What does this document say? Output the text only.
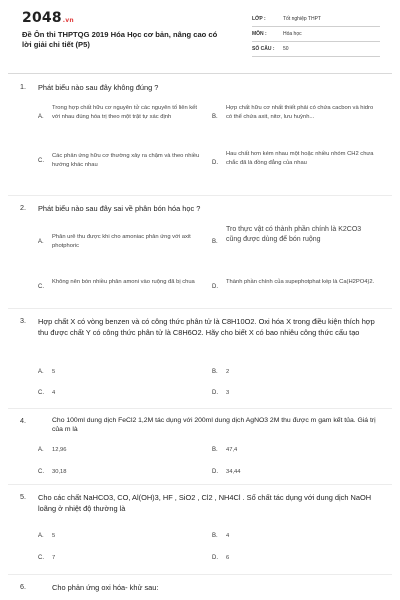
2048.vn
Đề Ôn thi THPTQG 2019 Hóa Học cơ bản, nâng cao có lời giải chi tiết (P5)
LỚP :	Tốt nghiệp THPT
MÔN :	Hóa học
SỐ CÂU : 50
1. Phát biểu nào sau đây không đúng ?
A.
Trong hợp chất hữu cơ nguyên tử các nguyên tố liên kết với nhau đúng hóa trị theo một trật tự xác định	B.
Hợp chất hữu cơ nhất thiết phải có chứa cacbon và hidro có thể chứa axit, nitơ, lưu huỳnh...
C.
Các phản ứng hữu cơ thường xảy ra chậm và theo nhiều hướng khác nhau	D.
Hau chất hơn kém nhau một hoặc nhiều nhóm CH2 chưa chắc đã là đồng đẳng của nhau
2. Phát biểu nào sau đây sai về phân bón hóa học ?
A.
Phân urê thu được khi cho amoniac phản ứng với axit photphoric
B.
Tro thực vật có thành phần chính là K2CO3 cũng được dùng để bón ruộng
C.
Không nên bón nhiều phân amoni vào ruộng đã bị chua
D.
Thành phần chính của supephotphat kép là Ca(H2PO4)2.
3. Hợp chất X có vòng benzen và có công thức phân tử là C8H10O2. Oxi hóa X trong điều kiện thích hợp thu được chất Y có công thức phân tử là C8H6O2. Hãy cho biết X có bao nhiêu công thức cấu tạo
A. 5	B. 2
C. 4	D. 3
4.	Cho 100ml dung dịch FeCl2 1,2M tác dụng với 200ml dung dịch AgNO3 2M thu được m gam kết tủa. Giá trị của m là
A. 12,96	B. 47,4
C. 30,18	D. 34,44
5. Cho các chất NaHCO3, CO, Al(OH)3, HF , SiO2 , Cl2 , NH4Cl . Số chất tác dụng với dung dịch NaOH loãng ở nhiệt độ thường là
A. 5	B. 4
C. 7	D. 6
6.	Cho phản ứng oxi hóa- khử sau:
